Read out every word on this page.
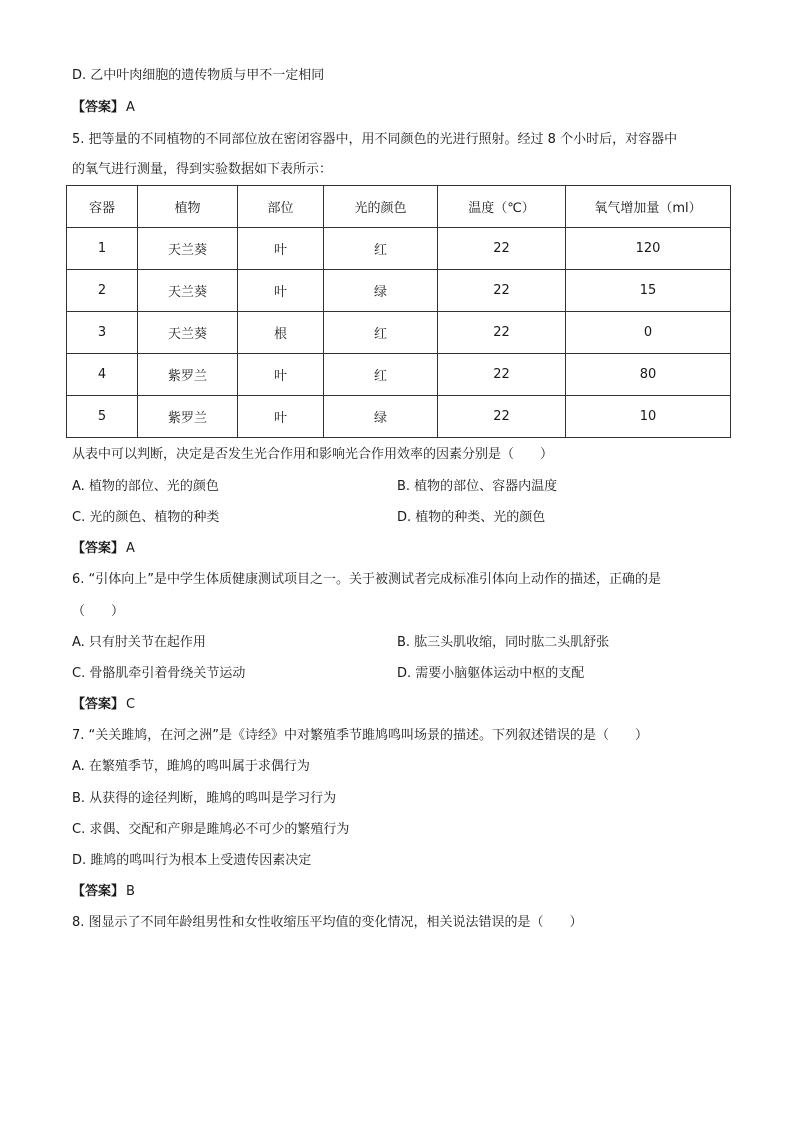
D. 乙中叶肉细胞的遗传物质与甲不一定相同
【答案】 A
5. 把等量的不同植物的不同部位放在密闭容器中，用不同颜色的光进行照射。经过 8 个小时后，对容器中
的氧气进行测量，得到实验数据如下表所示：
容器	植物	部位	光的颜色	温度（℃）	氧气增加量（ml）
1	天兰葵	叶	红	22	120
2	天兰葵	叶	绿	22	15
3	天兰葵	根	红	22	0
4	紫罗兰	叶	红	22	80
5	紫罗兰	叶	绿	22	10
从表中可以判断，决定是否发生光合作用和影响光合作用效率的因素分别是（　　）
A. 植物的部位、光的颜色	B. 植物的部位、容器内温度
C. 光的颜色、植物的种类	D. 植物的种类、光的颜色
【答案】 A
6. “引体向上”是中学生体质健康测试项目之一。关于被测试者完成标准引体向上动作的描述，正确的是
（　　）
A. 只有肘关节在起作用	B. 肱三头肌收缩，同时肱二头肌舒张
C. 骨骼肌牵引着骨绕关节运动	D. 需要小脑躯体运动中枢的支配
【答案】 C
7. “关关雎鸠，在河之洲”是《诗经》中对繁殖季节雎鸠鸣叫场景的描述。下列叙述错误的是（　　）
A. 在繁殖季节，雎鸠的鸣叫属于求偶行为
B. 从获得的途径判断，雎鸠的鸣叫是学习行为
C. 求偶、交配和产卵是雎鸠必不可少的繁殖行为
D. 雎鸠的鸣叫行为根本上受遗传因素决定
【答案】 B
8. 图显示了不同年龄组男性和女性收缩压平均值的变化情况，相关说法错误的是（　　）
